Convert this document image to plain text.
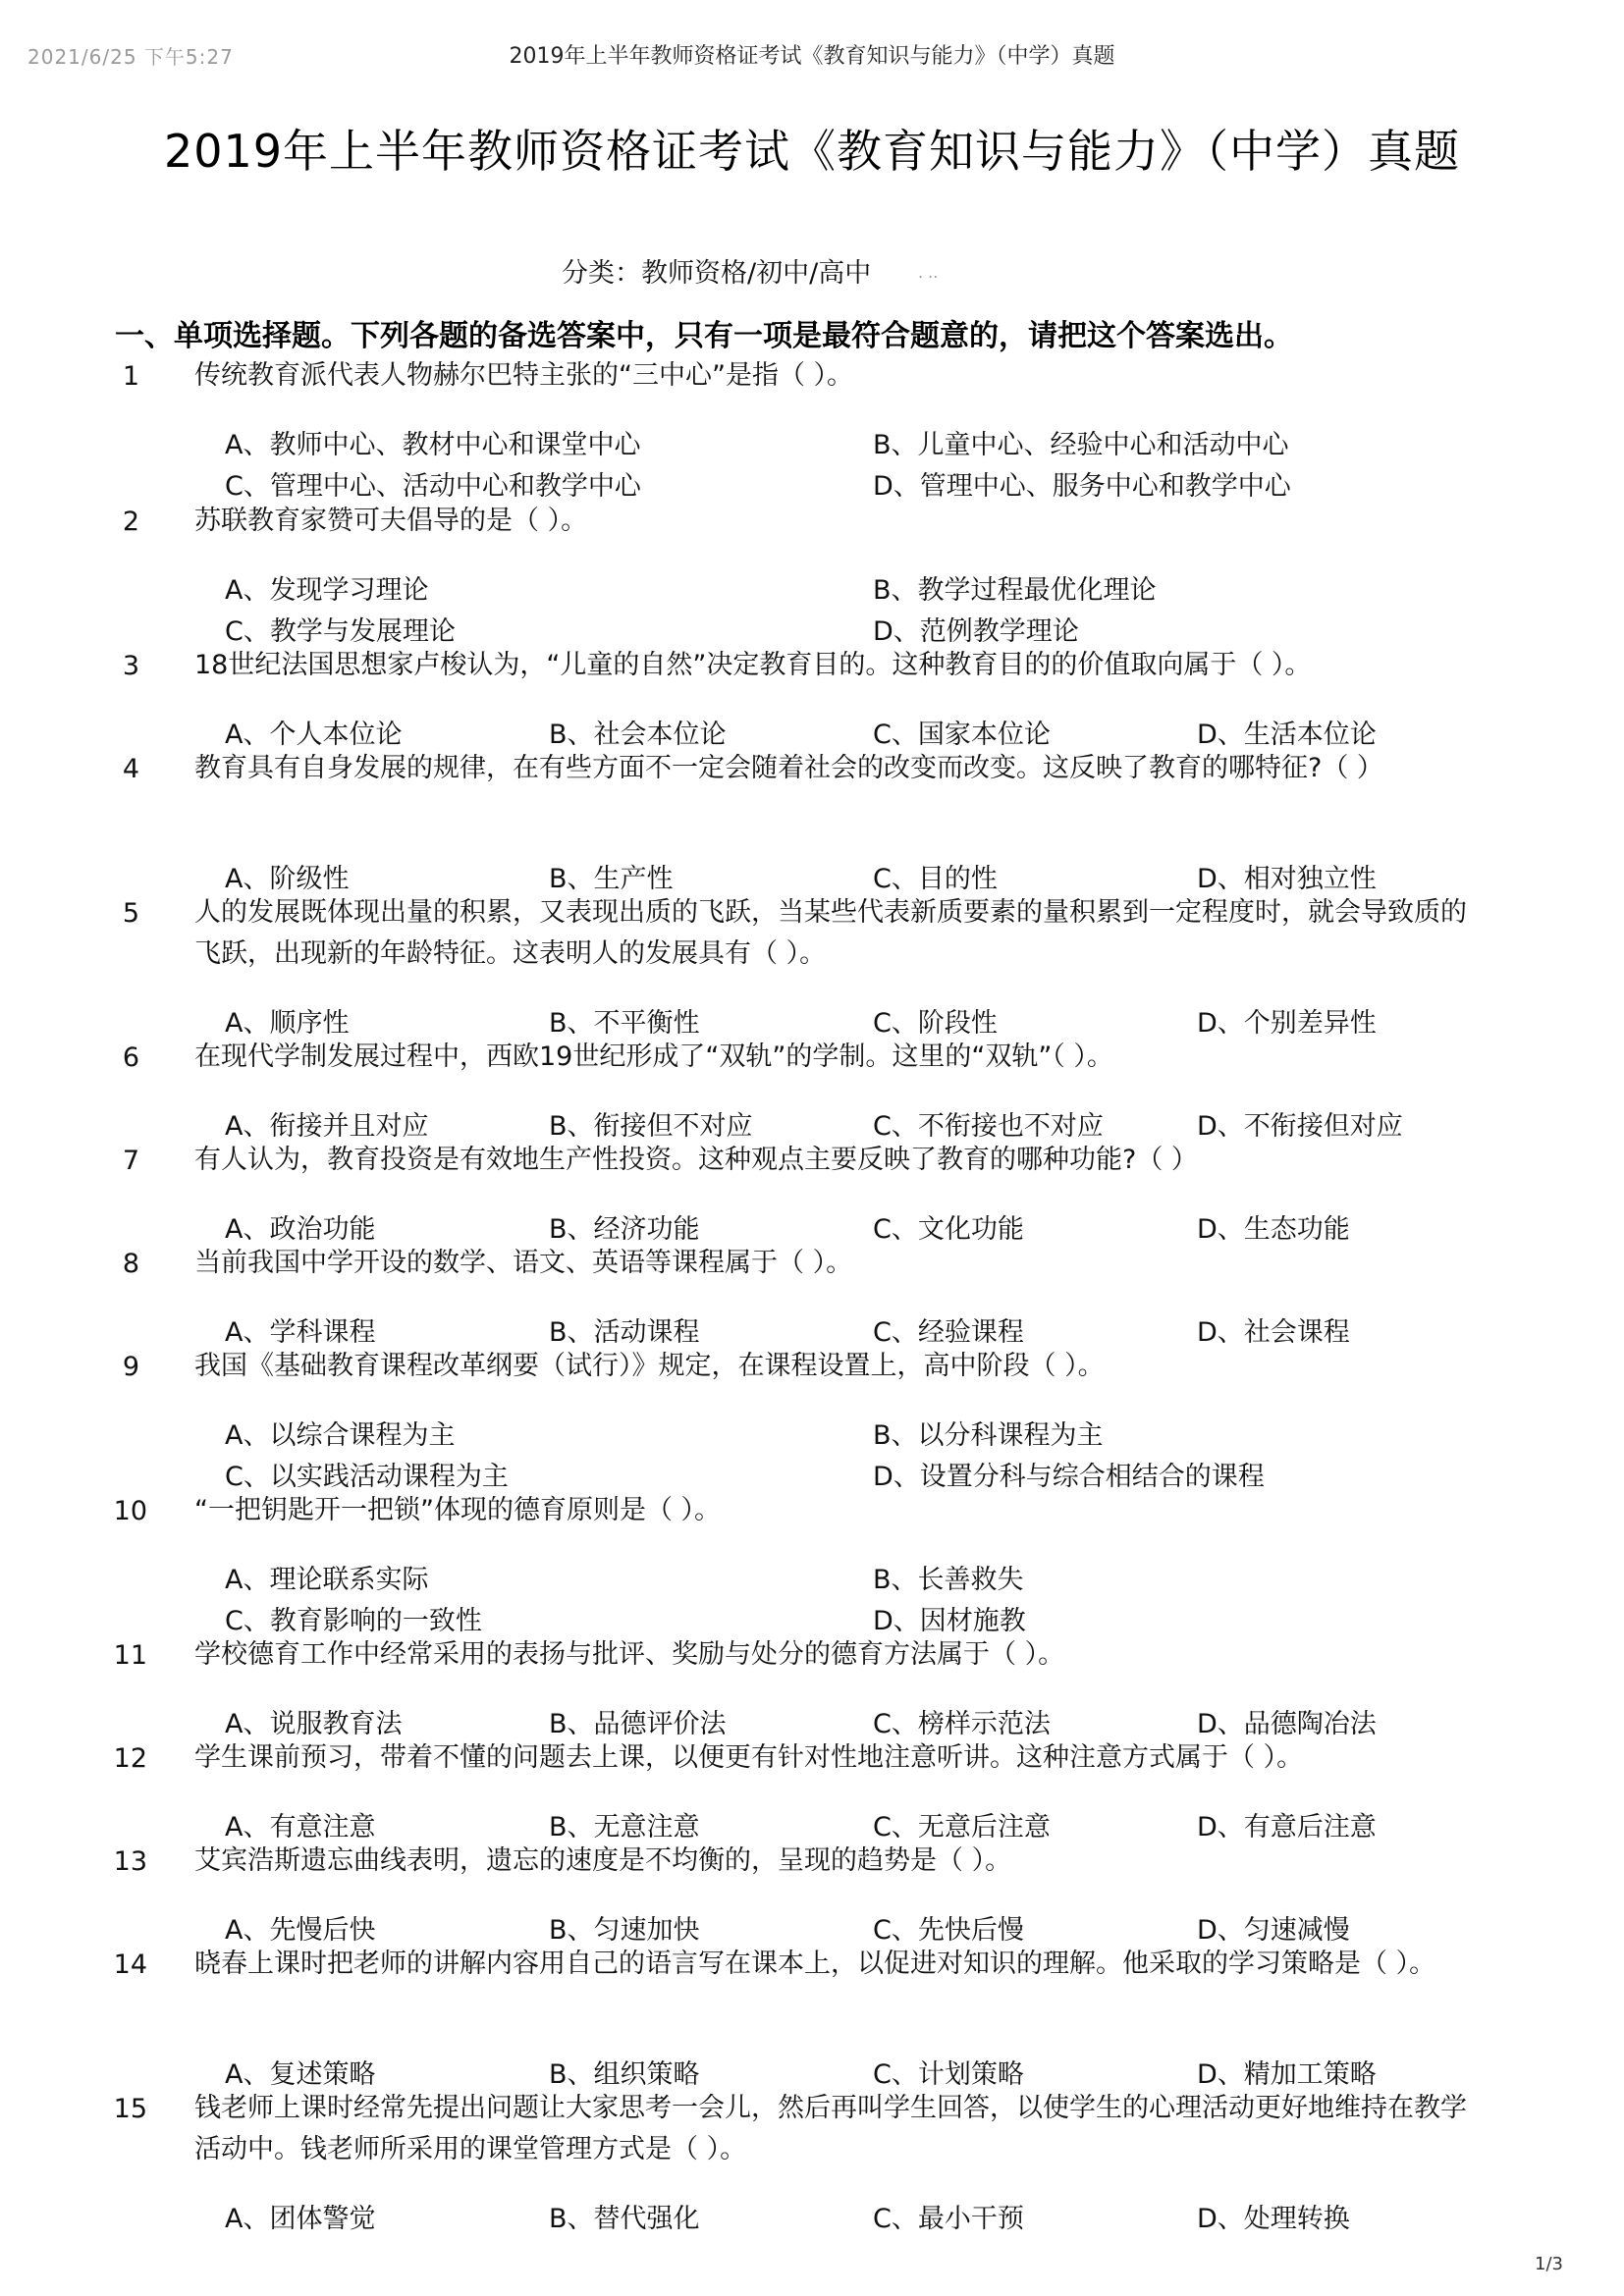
2021/6/25 下午5:27	2019年上半年教师资格证考试《教育知识与能力》（中学）真题
2019年上半年教师资格证考试《教育知识与能力》（中学）真题
分类：教师资格/初中/高中	. ..
一、单项选择题。下列各题的备选答案中，只有一项是最符合题意的，请把这个答案选出。
1 传统教育派代表人物赫尔巴特主张的“三中心”是指（ ）。
A、教师中心、教材中心和课堂中心	B、儿童中心、经验中心和活动中心
C、管理中心、活动中心和教学中心	D、管理中心、服务中心和教学中心
2 苏联教育家赞可夫倡导的是（ ）。
A、发现学习理论	B、教学过程最优化理论
C、教学与发展理论	D、范例教学理论
3 18世纪法国思想家卢梭认为，“儿童的自然”决定教育目的。这种教育目的的价值取向属于（ ）。
A、个人本位论	B、社会本位论	C、国家本位论	D、生活本位论
4 教育具有自身发展的规律，在有些方面不一定会随着社会的改变而改变。这反映了教育的哪特征?（ ）
A、阶级性	B、生产性	C、目的性	D、相对独立性
5 人的发展既体现出量的积累，又表现出质的飞跃，当某些代表新质要素的量积累到一定程度时，就会导致质的飞跃，出现新的年龄特征。这表明人的发展具有（ ）。
A、顺序性	B、不平衡性	C、阶段性	D、个别差异性
6 在现代学制发展过程中，西欧19世纪形成了“双轨”的学制。这里的“双轨”（ ）。
A、衔接并且对应	B、衔接但不对应	C、不衔接也不对应	D、不衔接但对应
7 有人认为，教育投资是有效地生产性投资。这种观点主要反映了教育的哪种功能?（ ）
A、政治功能	B、经济功能	C、文化功能	D、生态功能
8 当前我国中学开设的数学、语文、英语等课程属于（ ）。
A、学科课程	B、活动课程	C、经验课程	D、社会课程
9 我国《基础教育课程改革纲要（试行）》规定，在课程设置上，高中阶段（ ）。
A、以综合课程为主	B、以分科课程为主
C、以实践活动课程为主	D、设置分科与综合相结合的课程
10 “一把钥匙开一把锁”体现的德育原则是（ ）。
A、理论联系实际	B、长善救失
C、教育影响的一致性	D、因材施教
11 学校德育工作中经常采用的表扬与批评、奖励与处分的德育方法属于（ ）。
A、说服教育法	B、品德评价法	C、榜样示范法	D、品德陶冶法
12 学生课前预习，带着不懂的问题去上课，以便更有针对性地注意听讲。这种注意方式属于（ ）。
A、有意注意	B、无意注意	C、无意后注意	D、有意后注意
13 艾宾浩斯遗忘曲线表明，遗忘的速度是不均衡的，呈现的趋势是（ ）。
A、先慢后快	B、匀速加快	C、先快后慢	D、匀速减慢
14 晓春上课时把老师的讲解内容用自己的语言写在课本上，以促进对知识的理解。他采取的学习策略是（ ）。
A、复述策略	B、组织策略	C、计划策略	D、精加工策略
15 钱老师上课时经常先提出问题让大家思考一会儿，然后再叫学生回答，以使学生的心理活动更好地维持在教学活动中。钱老师所采用的课堂管理方式是（ ）。
A、团体警觉	B、替代强化	C、最小干预	D、处理转换
1/3
